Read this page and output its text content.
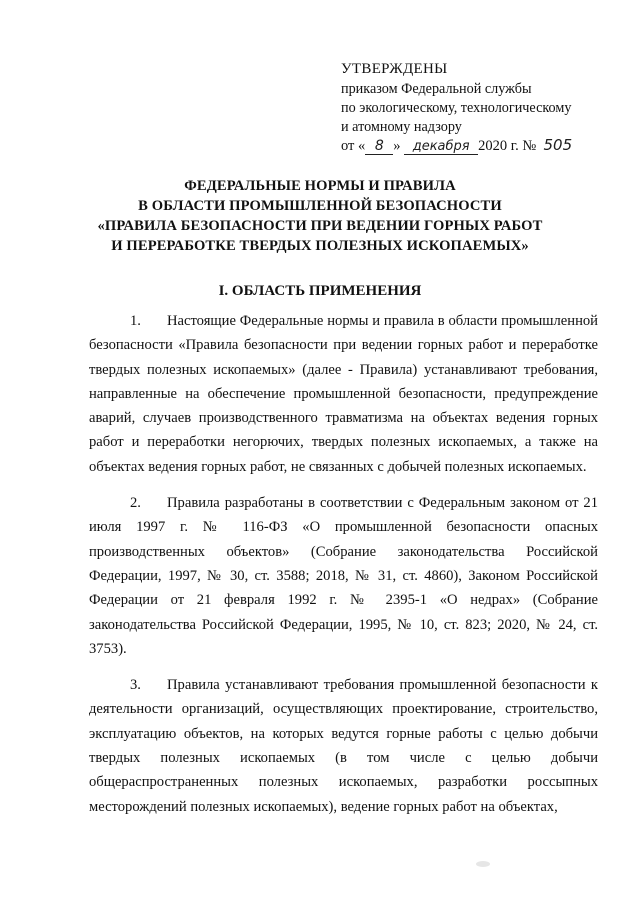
УТВЕРЖДЕНЫ
приказом Федеральной службы
по экологическому, технологическому
и атомному надзору
от « 8 » декабря 2020 г. № 505
ФЕДЕРАЛЬНЫЕ НОРМЫ И ПРАВИЛА
В ОБЛАСТИ ПРОМЫШЛЕННОЙ БЕЗОПАСНОСТИ
«ПРАВИЛА БЕЗОПАСНОСТИ ПРИ ВЕДЕНИИ ГОРНЫХ РАБОТ
И ПЕРЕРАБОТКЕ ТВЕРДЫХ ПОЛЕЗНЫХ ИСКОПАЕМЫХ»
I. ОБЛАСТЬ ПРИМЕНЕНИЯ

1. Настоящие Федеральные нормы и правила в области промышленной безопасности «Правила безопасности при ведении горных работ и переработке твердых полезных ископаемых» (далее - Правила) устанавливают требования, направленные на обеспечение промышленной безопасности, предупреждение аварий, случаев производственного травматизма на объектах ведения горных работ и переработки негорючих, твердых полезных ископаемых, а также на объектах ведения горных работ, не связанных с добычей полезных ископаемых.

2. Правила разработаны в соответствии с Федеральным законом от 21 июля 1997 г. № 116-ФЗ «О промышленной безопасности опасных производственных объектов» (Собрание законодательства Российской Федерации, 1997, № 30, ст. 3588; 2018, № 31, ст. 4860), Законом Российской Федерации от 21 февраля 1992 г. № 2395-1 «О недрах» (Собрание законодательства Российской Федерации, 1995, № 10, ст. 823; 2020, № 24, ст. 3753).

3. Правила устанавливают требования промышленной безопасности к деятельности организаций, осуществляющих проектирование, строительство, эксплуатацию объектов, на которых ведутся горные работы с целью добычи твердых полезных ископаемых (в том числе с целью добычи общераспространенных полезных ископаемых, разработки россыпных месторождений полезных ископаемых), ведение горных работ на объектах,
